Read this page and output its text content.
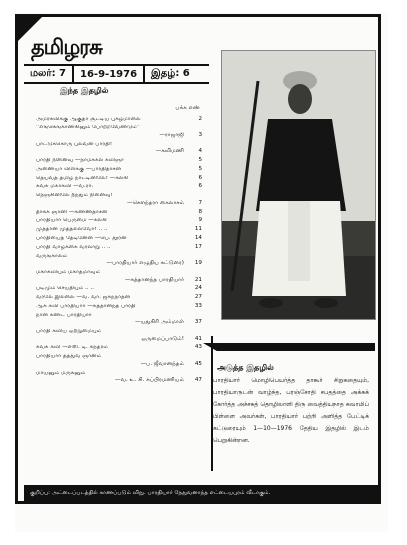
தமிழரசு
மலர்: 7	16-9-1976	இதழ்: 6
இந்த இதழில்
பக்க எண்
அமரகவிக்கு ஆகுதர் சூட்டிய புகழ்மாலை	2
''எங்கெங்காண்கினும் போற்றவேண்டும்''
—ராஜாஜி	3
பாட்டுக்கொரு புலவன் பாரதி!
—கவிமணி	4
பாரதி நினைவு —நாமக்கல் கவிஞர்	5
அணையா விளக்கு —பாரதிதாசன்	5
தெய்வத் தமிழ் நாட்டினிலே! —கல்கி	6
கவசு மகாகவி —வ.ரா.	6
நெஞ்சினிலே நீந்தும் நினைவு!
—சௌந்தரா கைலாசம்	7
தீர்க்க ஞானி —கண்ணதாசன்	8
பாரதியார் பெருமை —கல்கி	9
முத்தான முத்தல்லவோ! .. ..	11
பாரதியைத் தேடினேன் —பெ. தூரன்	14
பாரதி வாழ்க்கை வரலாறு .. ..	17
வருங்காலம்
—பாரதியார் எழுதிய கட்டுரை)	19
மகாகவியும் மகாத்மாவும்
—சுத்தானந்த பாரதியார்	21
படிமும் செய்தியும் .. ..	24
வரலே இல்லை —வ. வா. ஜகந்நாதன்	27
ஆசு கவி பாரதியார் —சுத்தானந்த பாரதி	33
நான் கண்ட பாரதியார்
—யதுகிரி அம்மாள்	37
பாரதி கவிய ஒற்றுமையும்
ஒருமைப்பாடும்!	41
கவசு கவி —எஸ். டி. சுந்தரம்	43
பாரதியார் தத்துவ ஞானம்
—ப. ஜீவானந்தம்	45
மாயனும் மருகனும்
—வ. உ. சி. சுப்பிரமணியம்	47
அடுத்த இதழில்
பாரதியார் மொழிபெயர்த்த தாகூர் சிறுகதையும், பாரதியாருடன் வாழ்ந்த, பரஞ்சோதி சபதத்தை அக்கக் கோர்த்த அச்சகத் தொழிலாளி திரு வைத்தியநாத சுவாமிப் பிள்ளை அவர்கள், பாரதியார் பற்றி அளித்த பேட்டிக் கட்டுரையும் 1—10—1976 தேதிய இதழில் இடம் பெறுகின்றன.
குறிப்பு: அட்டைப்படத்தில் காணப்படும் விநு. பாரதியார் நேதுவனாந்த எட்டையபுரம் வீடாகும்.
